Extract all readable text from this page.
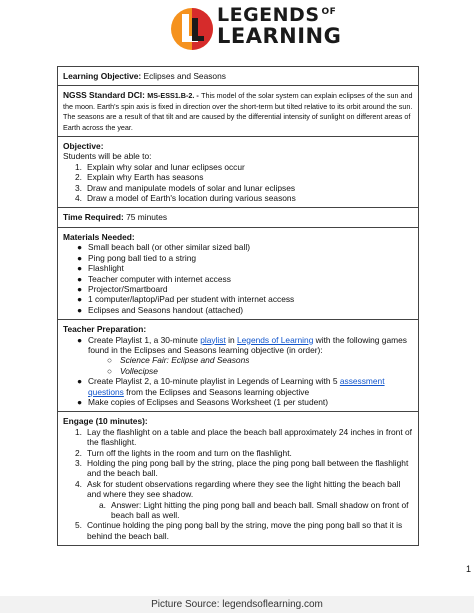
LEGENDS $^{OF}$
LEARNING
Learning Objective: Eclipses and Seasons
NGSS Standard DCI: MS-ESS1.B-2. - This model of the solar system can explain eclipses of the sun and the moon. Earth's spin axis is fixed in direction over the short-term but tilted relative to its orbit around the sun. The seasons are a result of that tilt and are caused by the differential intensity of sunlight on different areas of Earth across the year.
Objective:
Students will be able to:
1. Explain why solar and lunar eclipses occur
2. Explain why Earth has seasons
3. Draw and manipulate models of solar and lunar eclipses
4. Draw a model of Earth's location during various seasons
Time Required: 75 minutes
Materials Needed:
● Small beach ball (or other similar sized ball)
● Ping pong ball tied to a string
● Flashlight
● Teacher computer with internet access
● Projector/Smartboard
● 1 computer/laptop/iPad per student with internet access
● Eclipses and Seasons handout (attached)
Teacher Preparation:
● Create Playlist 1, a 30-minute playlist in Legends of Learning with the following games found in the Eclipses and Seasons learning objective (in order):
○ Science Fair: Eclipse and Seasons
○ Vollecipse
● Create Playlist 2, a 10-minute playlist in Legends of Learning with 5 assessment questions from the Eclipses and Seasons learning objective
● Make copies of Eclipses and Seasons Worksheet (1 per student)
Engage (10 minutes):
1. Lay the flashlight on a table and place the beach ball approximately 24 inches in front of the flashlight.
2. Turn off the lights in the room and turn on the flashlight.
3. Holding the ping pong ball by the string, place the ping pong ball between the flashlight and the beach ball.
4. Ask for student observations regarding where they see the light hitting the beach ball and where they see shadow.
a. Answer: Light hitting the ping pong ball and beach ball. Small shadow on front of beach ball as well.
5. Continue holding the ping pong ball by the string, move the ping pong ball so that it is behind the beach ball.
1
Picture Source: legendsoflearning.com
